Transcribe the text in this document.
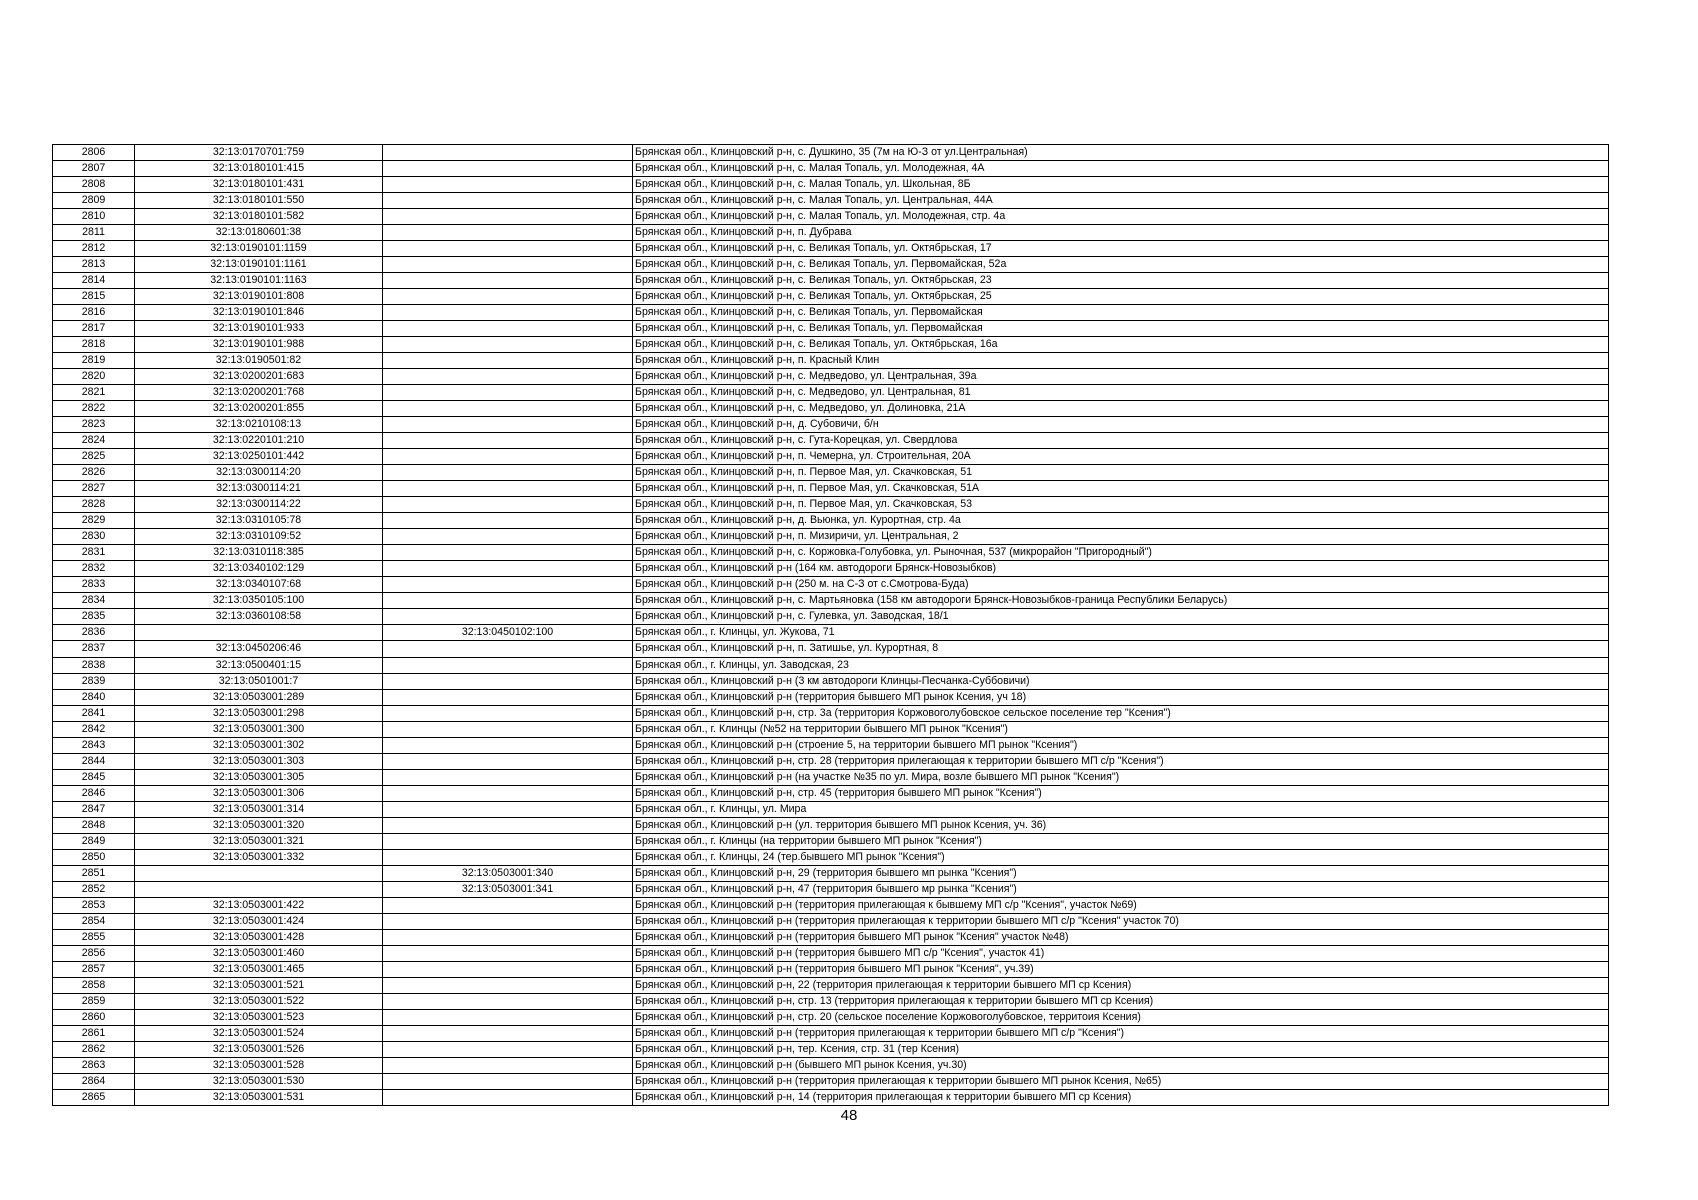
2806	32:13:0170701:759		Брянская обл., Клинцовский р-н, с. Душкино, 35 (7м на Ю-З от ул.Центральная)
2807	32:13:0180101:415		Брянская обл., Клинцовский р-н, с. Малая Топаль, ул. Молодежная, 4А
2808	32:13:0180101:431		Брянская обл., Клинцовский р-н, с. Малая Топаль, ул. Школьная, 8Б
2809	32:13:0180101:550		Брянская обл., Клинцовский р-н, с. Малая Топаль, ул. Центральная, 44А
2810	32:13:0180101:582		Брянская обл., Клинцовский р-н, с. Малая Топаль, ул. Молодежная, стр. 4а
2811	32:13:0180601:38		Брянская обл., Клинцовский р-н, п. Дубрава
2812	32:13:0190101:1159		Брянская обл., Клинцовский р-н, с. Великая Топаль, ул. Октябрьская, 17
2813	32:13:0190101:1161		Брянская обл., Клинцовский р-н, с. Великая Топаль, ул. Первомайская, 52а
2814	32:13:0190101:1163		Брянская обл., Клинцовский р-н, с. Великая Топаль, ул. Октябрьская, 23
2815	32:13:0190101:808		Брянская обл., Клинцовский р-н, с. Великая Топаль, ул. Октябрьская, 25
2816	32:13:0190101:846		Брянская обл., Клинцовский р-н, с. Великая Топаль, ул. Первомайская
2817	32:13:0190101:933		Брянская обл., Клинцовский р-н, с. Великая Топаль, ул. Первомайская
2818	32:13:0190101:988		Брянская обл., Клинцовский р-н, с. Великая Топаль, ул. Октябрьская, 16а
2819	32:13:0190501:82		Брянская обл., Клинцовский р-н, п. Красный Клин
2820	32:13:0200201:683		Брянская обл., Клинцовский р-н, с. Медведово, ул. Центральная, 39а
2821	32:13:0200201:768		Брянская обл., Клинцовский р-н, с. Медведово, ул. Центральная, 81
2822	32:13:0200201:855		Брянская обл., Клинцовский р-н, с. Медведово, ул. Долиновка, 21А
2823	32:13:0210108:13		Брянская обл., Клинцовский р-н, д. Субовичи, б/н
2824	32:13:0220101:210		Брянская обл., Клинцовский р-н, с. Гута-Корецкая, ул. Свердлова
2825	32:13:0250101:442		Брянская обл., Клинцовский р-н, п. Чемерна, ул. Строительная, 20А
2826	32:13:0300114:20		Брянская обл., Клинцовский р-н, п. Первое Мая, ул. Скачковская, 51
2827	32:13:0300114:21		Брянская обл., Клинцовский р-н, п. Первое Мая, ул. Скачковская, 51А
2828	32:13:0300114:22		Брянская обл., Клинцовский р-н, п. Первое Мая, ул. Скачковская, 53
2829	32:13:0310105:78		Брянская обл., Клинцовский р-н, д. Вьюнка, ул. Курортная, стр. 4а
2830	32:13:0310109:52		Брянская обл., Клинцовский р-н, п. Мизиричи, ул. Центральная, 2
2831	32:13:0310118:385		Брянская обл., Клинцовский р-н, с. Коржовка-Голубовка, ул. Рыночная, 537 (микрорайон "Пригородный")
2832	32:13:0340102:129		Брянская обл., Клинцовский р-н (164 км. автодороги Брянск-Новозыбков)
2833	32:13:0340107:68		Брянская обл., Клинцовский р-н (250 м. на С-З от с.Смотрова-Буда)
2834	32:13:0350105:100		Брянская обл., Клинцовский р-н, с. Мартьяновка (158 км автодороги Брянск-Новозыбков-граница Республики Беларусь)
2835	32:13:0360108:58		Брянская обл., Клинцовский р-н, с. Гулевка, ул. Заводская, 18/1
2836		32:13:0450102:100	Брянская обл., г. Клинцы, ул. Жукова, 71
2837	32:13:0450206:46		Брянская обл., Клинцовский р-н, п. Затишье, ул. Курортная, 8
2838	32:13:0500401:15		Брянская обл., г. Клинцы, ул. Заводская, 23
2839	32:13:0501001:7		Брянская обл., Клинцовский р-н (3 км автодороги Клинцы-Песчанка-Суббовичи)
2840	32:13:0503001:289		Брянская обл., Клинцовский р-н (территория бывшего МП рынок Ксения, уч 18)
2841	32:13:0503001:298		Брянская обл., Клинцовский р-н, стр. 3а (территория Коржовоголубовское сельское поселение тер "Ксения")
2842	32:13:0503001:300		Брянская обл., г. Клинцы (№52 на территории бывшего МП рынок "Ксения")
2843	32:13:0503001:302		Брянская обл., Клинцовский р-н (строение 5, на территории бывшего МП рынок "Ксения")
2844	32:13:0503001:303		Брянская обл., Клинцовский р-н, стр. 28 (территория прилегающая к территории бывшего МП с/р "Ксения")
2845	32:13:0503001:305		Брянская обл., Клинцовский р-н (на участке №35 по ул. Мира, возле бывшего МП рынок "Ксения")
2846	32:13:0503001:306		Брянская обл., Клинцовский р-н, стр. 45 (территория бывшего МП рынок "Ксения")
2847	32:13:0503001:314		Брянская обл., г. Клинцы, ул. Мира
2848	32:13:0503001:320		Брянская обл., Клинцовский р-н (ул. территория бывшего МП рынок Ксения, уч. 36)
2849	32:13:0503001:321		Брянская обл., г. Клинцы (на территории бывшего МП рынок "Ксения")
2850	32:13:0503001:332		Брянская обл., г. Клинцы, 24 (тер.бывшего МП рынок "Ксения")
2851		32:13:0503001:340	Брянская обл., Клинцовский р-н, 29 (территория бывшего мп рынка "Ксения")
2852		32:13:0503001:341	Брянская обл., Клинцовский р-н, 47 (территория бывшего мр рынка "Ксения")
2853	32:13:0503001:422		Брянская обл., Клинцовский р-н (территория прилегающая к бывшему МП с/р "Ксения", участок №69)
2854	32:13:0503001:424		Брянская обл., Клинцовский р-н (территория прилегающая к территории бывшего МП с/р "Ксения" участок 70)
2855	32:13:0503001:428		Брянская обл., Клинцовский р-н (территория бывшего МП рынок "Ксения" участок №48)
2856	32:13:0503001:460		Брянская обл., Клинцовский р-н (территория бывшего МП с/р "Ксения", участок 41)
2857	32:13:0503001:465		Брянская обл., Клинцовский р-н (территория бывшего МП рынок "Ксения", уч.39)
2858	32:13:0503001:521		Брянская обл., Клинцовский р-н, 22 (территория прилегающая к территории бывшего МП ср Ксения)
2859	32:13:0503001:522		Брянская обл., Клинцовский р-н, стр. 13 (территория прилегающая к территории бывшего МП ср Ксения)
2860	32:13:0503001:523		Брянская обл., Клинцовский р-н, стр. 20 (сельское поселение Коржовоголубовское, территоия Ксения)
2861	32:13:0503001:524		Брянская обл., Клинцовский р-н (территория прилегающая к территории бывшего МП с/р "Ксения")
2862	32:13:0503001:526		Брянская обл., Клинцовский р-н, тер. Ксения, стр. 31 (тер Ксения)
2863	32:13:0503001:528		Брянская обл., Клинцовский р-н (бывшего МП рынок Ксения, уч.30)
2864	32:13:0503001:530		Брянская обл., Клинцовский р-н (территория прилегающая к территории бывшего МП рынок Ксения, №65)
2865	32:13:0503001:531		Брянская обл., Клинцовский р-н, 14 (территория прилегающая к территории бывшего МП ср Ксения)
48
